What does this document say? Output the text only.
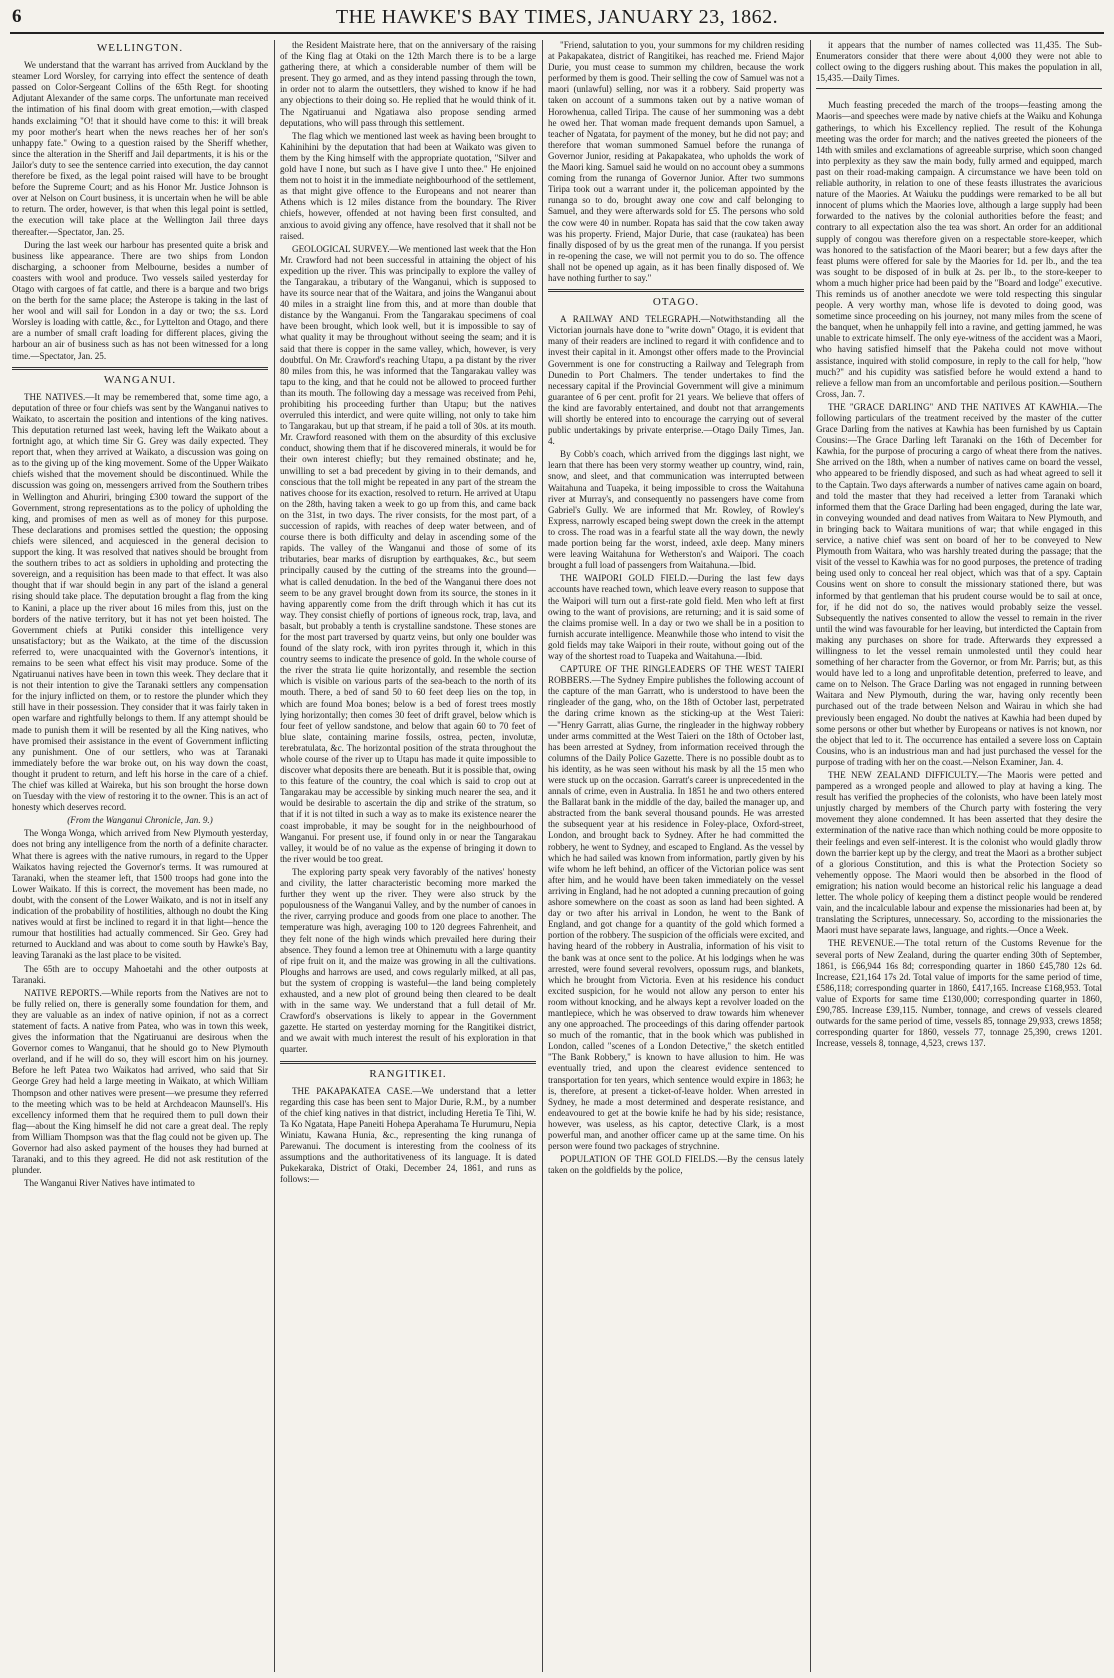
6	THE HAWKE'S BAY TIMES, JANUARY 23, 1862.
WELLINGTON.

We understand that the warrant has arrived from Auckland by the steamer Lord Worsley, for carrying into effect the sentence of death passed on Color-Sergeant Collins of the 65th Regt. for shooting Adjutant Alexander of the same corps. The unfortunate man received the intimation of his final doom with great emotion,—with clasped hands exclaiming "O! that it should have come to this: it will break my poor mother's heart when the news reaches her of her son's unhappy fate." Owing to a question raised by the Sheriff whether, since the alteration in the Sheriff and Jail departments, it is his or the Jailor's duty to see the sentence carried into execution, the day cannot therefore be fixed, as the legal point raised will have to be brought before the Supreme Court; and as his Honor Mr. Justice Johnson is over at Nelson on Court business, it is uncertain when he will be able to return. The order, however, is that when this legal point is settled, the execution will take place at the Wellington Jail three days thereafter.—Spectator, Jan. 25.

During the last week our harbour has presented quite a brisk and business like appearance. There are two ships from London discharging, a schooner from Melbourne, besides a number of coasters with wool and produce. Two vessels sailed yesterday for Otago with cargoes of fat cattle, and there is a barque and two brigs on the berth for the same place; the Asterope is taking in the last of her wool and will sail for London in a day or two; the s.s. Lord Worsley is loading with cattle, &c., for Lyttelton and Otago, and there are a number of small craft loading for different places, giving the harbour an air of business such as has not been witnessed for a long time.—Spectator, Jan. 25.

WANGANUI.

THE NATIVES.—It may be remembered that, some time ago, a deputation of three or four chiefs was sent by the Wanganui natives to Waikato, to ascertain the position and intentions of the king natives. This deputation returned last week, having left the Waikato about a fortnight ago, at which time Sir G. Grey was daily expected. They report that, when they arrived at Waikato, a discussion was going on as to the giving up of the king movement. Some of the Upper Waikato chiefs wished that the movement should be discontinued. While the discussion was going on, messengers arrived from the Southern tribes in Wellington and Ahuriri, bringing £300 toward the support of the Government, strong representations as to the policy of upholding the king, and promises of men as well as of money for this purpose. These declarations and promises settled the question; the opposing chiefs were silenced, and acquiesced in the general decision to support the king. It was resolved that natives should be brought from the southern tribes to act as soldiers in upholding and protecting the sovereign, and a requisition has been made to that effect. It was also thought that if war should begin in any part of the island a general rising should take place. The deputation brought a flag from the king to Kanini, a place up the river about 16 miles from this, just on the borders of the native territory, but it has not yet been hoisted. The Government chiefs at Putiki consider this intelligence very unsatisfactory; but as the Waikato, at the time of the discussion referred to, were unacquainted with the Governor's intentions, it remains to be seen what effect his visit may produce. Some of the Ngatiruanui natives have been in town this week. They declare that it is not their intention to give the Taranaki settlers any compensation for the injury inflicted on them, or to restore the plunder which they still have in their possession. They consider that it was fairly taken in open warfare and rightfully belongs to them. If any attempt should be made to punish them it will be resented by all the King natives, who have promised their assistance in the event of Government inflicting any punishment. One of our settlers, who was at Taranaki immediately before the war broke out, on his way down the coast, thought it prudent to return, and left his horse in the care of a chief. The chief was killed at Waireka, but his son brought the horse down on Tuesday with the view of restoring it to the owner. This is an act of honesty which deserves record.

(From the Wanganui Chronicle, Jan. 9.)

The Wonga Wonga, which arrived from New Plymouth yesterday, does not bring any intelligence from the north of a definite character. What there is agrees with the native rumours, in regard to the Upper Waikatos having rejected the Governor's terms. It was rumoured at Taranaki, when the steamer left, that 1500 troops had gone into the Lower Waikato. If this is correct, the movement has been made, no doubt, with the consent of the Lower Waikato, and is not in itself any indication of the probability of hostilities, although no doubt the King natives would at first be inclined to regard it in that light—hence the rumour that hostilities had actually commenced. Sir Geo. Grey had returned to Auckland and was about to come south by Hawke's Bay, leaving Taranaki as the last place to be visited.

The 65th are to occupy Mahoetahi and the other outposts at Taranaki.

NATIVE REPORTS.—While reports from the Natives are not to be fully relied on, there is generally some foundation for them, and they are valuable as an index of native opinion, if not as a correct statement of facts. A native from Patea, who was in town this week, gives the information that the Ngatiruanui are desirous when the Governor comes to Wanganui, that he should go to New Plymouth overland, and if he will do so, they will escort him on his journey. Before he left Patea two Waikatos had arrived, who said that Sir George Grey had held a large meeting in Waikato, at which William Thompson and other natives were present—we presume they referred to the meeting which was to be held at Archdeacon Maunsell's. His excellency informed them that he required them to pull down their flag—about the King himself he did not care a great deal. The reply from William Thompson was that the flag could not be given up. The Governor had also asked payment of the houses they had burned at Taranaki, and to this they agreed. He did not ask restitution of the plunder.

The Wanganui River Natives have intimated to

the Resident Maistrate here, that on the anniversary of the raising of the King flag at Otaki on the 12th March there is to be a large gathering there, at which a considerable number of them will be present. They go armed, and as they intend passing through the town, in order not to alarm the outsettlers, they wished to know if he had any objections to their doing so. He replied that he would think of it. The Ngatiruanui and Ngatiawa also propose sending armed deputations, who will pass through this settlement.

The flag which we mentioned last week as having been brought to Kahinihini by the deputation that had been at Waikato was given to them by the King himself with the appropriate quotation, "Silver and gold have I none, but such as I have give I unto thee." He enjoined them not to hoist it in the immediate neighbourhood of the settlement, as that might give offence to the Europeans and not nearer than Athens which is 12 miles distance from the boundary. The River chiefs, however, offended at not having been first consulted, and anxious to avoid giving any offence, have resolved that it shall not be raised.

GEOLOGICAL SURVEY.—We mentioned last week that the Hon Mr. Crawford had not been successful in attaining the object of his expedition up the river. This was principally to explore the valley of the Tangarakau, a tributary of the Wanganui, which is supposed to have its source near that of the Waitara, and joins the Wanganui about 40 miles in a straight line from this, and at more than double that distance by the Wanganui. From the Tangarakau specimens of coal have been brought, which look well, but it is impossible to say of what quality it may be throughout without seeing the seam; and it is said that there is copper in the same valley, which, however, is very doubtful. On Mr. Crawford's reaching Utapu, a pa distant by the river 80 miles from this, he was informed that the Tangarakau valley was tapu to the king, and that he could not be allowed to proceed further than its mouth. The following day a message was received from Pehi, prohibiting his proceeding further than Utapu; but the natives overruled this interdict, and were quite willing, not only to take him to Tangarakau, but up that stream, if he paid a toll of 30s. at its mouth. Mr. Crawford reasoned with them on the absurdity of this exclusive conduct, showing them that if he discovered minerals, it would be for their own interest chiefly; but they remained obstinate; and he, unwilling to set a bad precedent by giving in to their demands, and conscious that the toll might be repeated in any part of the stream the natives choose for its exaction, resolved to return. He arrived at Utapu on the 28th, having taken a week to go up from this, and came back on the 31st, in two days. The river consists, for the most part, of a succession of rapids, with reaches of deep water between, and of course there is both difficulty and delay in ascending some of the rapids. The valley of the Wanganui and those of some of its tributaries, bear marks of disruption by earthquakes, &c., but seem principally caused by the cutting of the streams into the ground—what is called denudation. In the bed of the Wanganui there does not seem to be any gravel brought down from its source, the stones in it having apparently come from the drift through which it has cut its way. They consist chiefly of portions of igneous rock, trap, lava, and basalt, but probably a tenth is crystalline sandstone. These stones are for the most part traversed by quartz veins, but only one boulder was found of the slaty rock, with iron pyrites through it, which in this country seems to indicate the presence of gold. In the whole course of the river the strata lie quite horizontally, and resemble the section which is visible on various parts of the sea-beach to the north of its mouth. There, a bed of sand 50 to 60 feet deep lies on the top, in which are found Moa bones; below is a bed of forest trees mostly lying horizontally; then comes 30 feet of drift gravel, below which is four feet of yellow sandstone, and below that again 60 to 70 feet of blue slate, containing marine fossils, ostrea, pecten, involutæ, terebratulata, &c. The horizontal position of the strata throughout the whole course of the river up to Utapu has made it quite impossible to discover what deposits there are beneath. But it is possible that, owing to this feature of the country, the coal which is said to crop out at Tangarakau may be accessible by sinking much nearer the sea, and it would be desirable to ascertain the dip and strike of the stratum, so that if it is not tilted in such a way as to make its existence nearer the coast improbable, it may be sought for in the neighbourhood of Wanganui. For present use, if found only in or near the Tangarakau valley, it would be of no value as the expense of bringing it down to the river would be too great.

The exploring party speak very favorably of the natives' honesty and civility, the latter characteristic becoming more marked the further they went up the river. They were also struck by the populousness of the Wanganui Valley, and by the number of canoes in the river, carrying produce and goods from one place to another. The temperature was high, averaging 100 to 120 degrees Fahrenheit, and they felt none of the high winds which prevailed here during their absence. They found a lemon tree at Ohinemutu with a large quantity of ripe fruit on it, and the maize was growing in all the cultivations. Ploughs and harrows are used, and cows regularly milked, at all pas, but the system of cropping is wasteful—the land being completely exhausted, and a new plot of ground being then cleared to be dealt with in the same way. We understand that a full detail of Mr. Crawford's observations is likely to appear in the Government gazette. He started on yesterday morning for the Rangitikei district, and we await with much interest the result of his exploration in that quarter.

RANGITIKEI.

THE PAKAPAKATEA CASE.—We understand that a letter regarding this case has been sent to Major Durie, R.M., by a number of the chief king natives in that district, including Heretia Te Tihi, W. Ta Ko Ngatata, Hape Paneiti Hohepa Aperahama Te Hurumuru, Nepia Winiatu, Kawana Hunia, &c., representing the king runanga of Parewanui. The document is interesting from the coolness of its assumptions and the authoritativeness of its language. It is dated Pukekaraka, District of Otaki, December 24, 1861, and runs as follows:—

"Friend, salutation to you, your summons for my children residing at Pakapakatea, district of Rangitikei, has reached me. Friend Major Durie, you must cease to summon my children, because the work performed by them is good. Their selling the cow of Samuel was not a maori (unlawful) selling, nor was it a robbery. Said property was taken on account of a summons taken out by a native woman of Horowhenua, called Tiripa. The cause of her summoning was a debt he owed her. That woman made frequent demands upon Samuel, a teacher of Ngatata, for payment of the money, but he did not pay; and therefore that woman summoned Samuel before the runanga of Governor Junior, residing at Pakapakatea, who upholds the work of the Maori king. Samuel said he would on no account obey a summons coming from the runanga of Governor Junior. After two summons Tiripa took out a warrant under it, the policeman appointed by the runanga so to do, brought away one cow and calf belonging to Samuel, and they were afterwards sold for £5. The persons who sold the cow were 40 in number. Ropata has said that the cow taken away was his property. Friend, Major Durie, that case (raukatea) has been finally disposed of by us the great men of the runanga. If you persist in re-opening the case, we will not permit you to do so. The offence shall not be opened up again, as it has been finally disposed of. We have nothing further to say."

OTAGO.

A RAILWAY AND TELEGRAPH.—Notwithstanding all the Victorian journals have done to "write down" Otago, it is evident that many of their readers are inclined to regard it with confidence and to invest their capital in it. Amongst other offers made to the Provincial Government is one for constructing a Railway and Telegraph from Dunedin to Port Chalmers. The tender undertakes to find the necessary capital if the Provincial Government will give a minimum guarantee of 6 per cent. profit for 21 years. We believe that offers of the kind are favorably entertained, and doubt not that arrangements will shortly be entered into to encourage the carrying out of several public undertakings by private enterprise.—Otago Daily Times, Jan. 4.

By Cobb's coach, which arrived from the diggings last night, we learn that there has been very stormy weather up country, wind, rain, snow, and sleet, and that communication was interrupted between Waitahuna and Tuapeka, it being impossible to cross the Waitahuna river at Murray's, and consequently no passengers have come from Gabriel's Gully. We are informed that Mr. Rowley, of Rowley's Express, narrowly escaped being swept down the creek in the attempt to cross. The road was in a fearful state all the way down, the newly made portion being far the worst, indeed, axle deep. Many miners were leaving Waitahuna for Wetherston's and Waipori. The coach brought a full load of passengers from Waitahuna.—Ibid.

THE WAIPORI GOLD FIELD.—During the last few days accounts have reached town, which leave every reason to suppose that the Waipori will turn out a first-rate gold field. Men who left at first owing to the want of provisions, are returning; and it is said some of the claims promise well. In a day or two we shall be in a position to furnish accurate intelligence. Meanwhile those who intend to visit the gold fields may take Waipori in their route, without going out of the way of the shortest road to Tuapeka and Waitahuna.—Ibid.

CAPTURE OF THE RINGLEADERS OF THE WEST TAIERI ROBBERS.—The Sydney Empire publishes the following account of the capture of the man Garratt, who is understood to have been the ringleader of the gang, who, on the 18th of October last, perpetrated the daring crime known as the sticking-up at the West Taieri:—"Henry Garratt, alias Gurne, the ringleader in the highway robbery under arms committed at the West Taieri on the 18th of October last, has been arrested at Sydney, from information received through the columns of the Daily Police Gazette. There is no possible doubt as to his identity, as he was seen without his mask by all the 15 men who were stuck up on the occasion. Garratt's career is unprecedented in the annals of crime, even in Australia. In 1851 he and two others entered the Ballarat bank in the middle of the day, bailed the manager up, and abstracted from the bank several thousand pounds. He was arrested the subsequent year at his residence in Foley-place, Oxford-street, London, and brought back to Sydney. After he had committed the robbery, he went to Sydney, and escaped to England. As the vessel by which he had sailed was known from information, partly given by his wife whom he left behind, an officer of the Victorian police was sent after him, and he would have been taken immediately on the vessel arriving in England, had he not adopted a cunning precaution of going ashore somewhere on the coast as soon as land had been sighted. A day or two after his arrival in London, he went to the Bank of England, and got change for a quantity of the gold which formed a portion of the robbery. The suspicion of the officials were excited, and having heard of the robbery in Australia, information of his visit to the bank was at once sent to the police. At his lodgings when he was arrested, were found several revolvers, opossum rugs, and blankets, which he brought from Victoria. Even at his residence his conduct excited suspicion, for he would not allow any person to enter his room without knocking, and he always kept a revolver loaded on the mantlepiece, which he was observed to draw towards him whenever any one approached. The proceedings of this daring offender partook so much of the romantic, that in the book which was published in London, called "scenes of a London Detective," the sketch entitled "The Bank Robbery," is known to have allusion to him. He was eventually tried, and upon the clearest evidence sentenced to transportation for ten years, which sentence would expire in 1863; he is, therefore, at present a ticket-of-leave holder. When arrested in Sydney, he made a most determined and desperate resistance, and endeavoured to get at the bowie knife he had by his side; resistance, however, was useless, as his captor, detective Clark, is a most powerful man, and another officer came up at the same time. On his person were found two packages of strychnine.

POPULATION OF THE GOLD FIELDS.—By the census lately taken on the goldfields by the police,

it appears that the number of names collected was 11,435. The Sub-Enumerators consider that there were about 4,000 they were not able to collect owing to the diggers rushing about. This makes the population in all, 15,435.—Daily Times.

Much feasting preceded the march of the troops—feasting among the Maoris—and speeches were made by native chiefs at the Waiku and Kohunga gatherings, to which his Excellency replied. The result of the Kohunga meeting was the order for march; and the natives greeted the pioneers of the 14th with smiles and exclamations of agreeable surprise, which soon changed into perplexity as they saw the main body, fully armed and equipped, march past on their road-making campaign. A circumstance we have been told on reliable authority, in relation to one of these feasts illustrates the avaricious nature of the Maories. At Waiuku the puddings were remarked to be all but innocent of plums which the Maories love, although a large supply had been forwarded to the natives by the colonial authorities before the feast; and contrary to all expectation also the tea was short. An order for an additional supply of congou was therefore given on a respectable store-keeper, which was honored to the satisfaction of the Maori bearer; but a few days after the feast plums were offered for sale by the Maories for 1d. per lb., and the tea was sought to be disposed of in bulk at 2s. per lb., to the store-keeper to whom a much higher price had been paid by the "Board and lodge" executive. This reminds us of another anecdote we were told respecting this singular people. A very worthy man, whose life is devoted to doing good, was sometime since proceeding on his journey, not many miles from the scene of the banquet, when he unhappily fell into a ravine, and getting jammed, he was unable to extricate himself. The only eye-witness of the accident was a Maori, who having satisfied himself that the Pakeha could not move without assistance, inquired with stolid composure, in reply to the call for help, "how much?" and his cupidity was satisfied before he would extend a hand to relieve a fellow man from an uncomfortable and perilous position.—Southern Cross, Jan. 7.

THE "GRACE DARLING" AND THE NATIVES AT KAWHIA.—The following particulars of the treatment received by the master of the cutter Grace Darling from the natives at Kawhia has been furnished by us Captain Cousins:—The Grace Darling left Taranaki on the 16th of December for Kawhia, for the purpose of procuring a cargo of wheat there from the natives. She arrived on the 18th, when a number of natives came on board the vessel, who appeared to be friendly disposed, and such as had wheat agreed to sell it to the Captain. Two days afterwards a number of natives came again on board, and told the master that they had received a letter from Taranaki which informed them that the Grace Darling had been engaged, during the late war, in conveying wounded and dead natives from Waitara to New Plymouth, and in bringing back to Waitara munitions of war; that while engaged in this service, a native chief was sent on board of her to be conveyed to New Plymouth from Waitara, who was harshly treated during the passage; that the visit of the vessel to Kawhia was for no good purposes, the pretence of trading being used only to conceal her real object, which was that of a spy. Captain Cousins went on shore to consult the missionary stationed there, but was informed by that gentleman that his prudent course would be to sail at once, for, if he did not do so, the natives would probably seize the vessel. Subsequently the natives consented to allow the vessel to remain in the river until the wind was favourable for her leaving, but interdicted the Captain from making any purchases on shore for trade. Afterwards they expressed a willingness to let the vessel remain unmolested until they could hear something of her character from the Governor, or from Mr. Parris; but, as this would have led to a long and unprofitable detention, preferred to leave, and came on to Nelson. The Grace Darling was not engaged in running between Waitara and New Plymouth, during the war, having only recently been purchased out of the trade between Nelson and Wairau in which she had previously been engaged. No doubt the natives at Kawhia had been duped by some persons or other but whether by Europeans or natives is not known, nor the object that led to it. The occurrence has entailed a severe loss on Captain Cousins, who is an industrious man and had just purchased the vessel for the purpose of trading with her on the coast.—Nelson Examiner, Jan. 4.

THE NEW ZEALAND DIFFICULTY.—The Maoris were petted and pampered as a wronged people and allowed to play at having a king. The result has verified the prophecies of the colonists, who have been lately most unjustly charged by members of the Church party with fostering the very movement they alone condemned. It has been asserted that they desire the extermination of the native race than which nothing could be more opposite to their feelings and even self-interest. It is the colonist who would gladly throw down the barrier kept up by the clergy, and treat the Maori as a brother subject of a glorious Constitution, and this is what the Protection Society so vehemently oppose. The Maori would then be absorbed in the flood of emigration; his nation would become an historical relic his language a dead letter. The whole policy of keeping them a distinct people would be rendered vain, and the incalculable labour and expense the missionaries had been at, by translating the Scriptures, unnecessary. So, according to the missionaries the Maori must have separate laws, language, and rights.—Once a Week.

THE REVENUE.—The total return of the Customs Revenue for the several ports of New Zealand, during the quarter ending 30th of September, 1861, is £66,944 16s 8d; corresponding quarter in 1860 £45,780 12s 6d. Increase, £21,164 17s 2d. Total value of imports for the same period of time, £586,118; corresponding quarter in 1860, £417,165. Increase £168,953. Total value of Exports for same time £130,000; corresponding quarter in 1860, £90,785. Increase £39,115. Number, tonnage, and crews of vessels cleared outwards for the same period of time, vessels 85, tonnage 29,933, crews 1858; corresponding quarter for 1860, vessels 77, tonnage 25,390, crews 1201. Increase, vessels 8, tonnage, 4,523, crews 137.
